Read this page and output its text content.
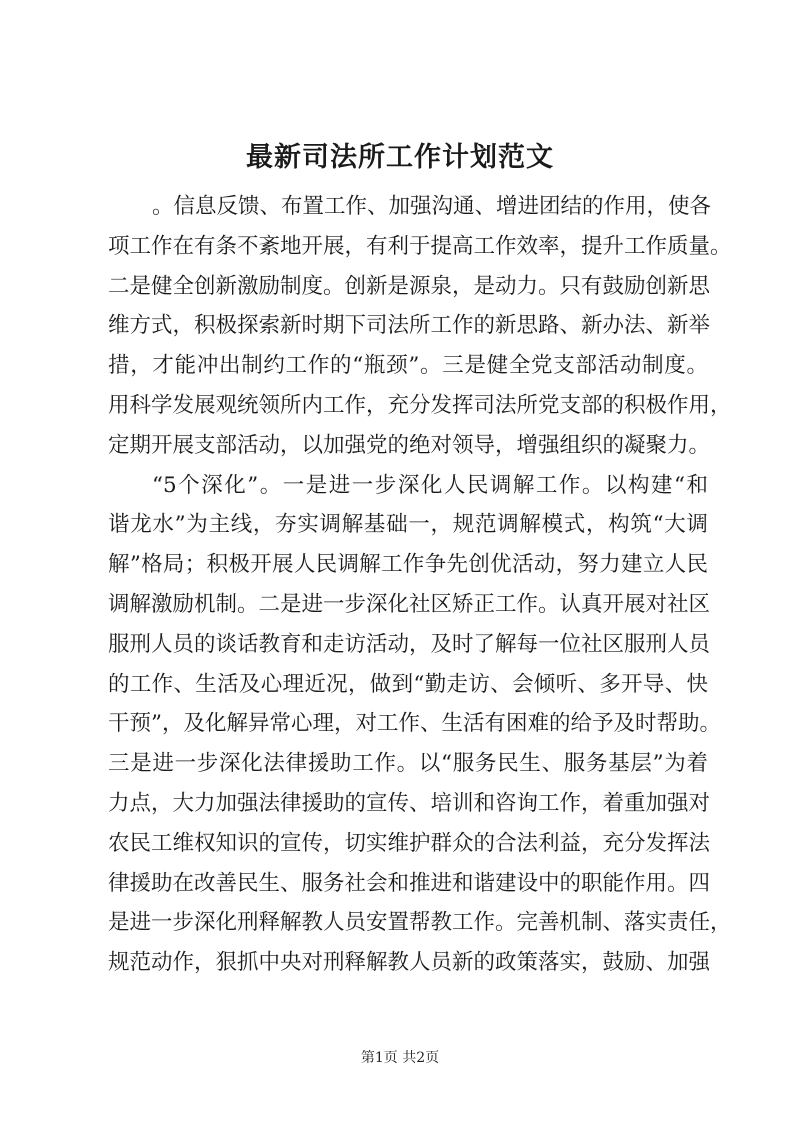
最新司法所工作计划范文
。信息反馈、布置工作、加强沟通、增进团结的作用，使各
项工作在有条不紊地开展，有利于提高工作效率，提升工作质量。
二是健全创新激励制度。创新是源泉，是动力。只有鼓励创新思
维方式，积极探索新时期下司法所工作的新思路、新办法、新举
措，才能冲出制约工作的“瓶颈”。三是健全党支部活动制度。
用科学发展观统领所内工作，充分发挥司法所党支部的积极作用，
定期开展支部活动，以加强党的绝对领导，增强组织的凝聚力。
“5个深化”。一是进一步深化人民调解工作。以构建“和
谐龙水”为主线，夯实调解基础一，规范调解模式，构筑“大调
解”格局；积极开展人民调解工作争先创优活动，努力建立人民
调解激励机制。二是进一步深化社区矫正工作。认真开展对社区
服刑人员的谈话教育和走访活动，及时了解每一位社区服刑人员
的工作、生活及心理近况，做到“勤走访、会倾听、多开导、快
干预”，及化解异常心理，对工作、生活有困难的给予及时帮助。
三是进一步深化法律援助工作。以“服务民生、服务基层”为着
力点，大力加强法律援助的宣传、培训和咨询工作，着重加强对
农民工维权知识的宣传，切实维护群众的合法利益，充分发挥法
律援助在改善民生、服务社会和推进和谐建设中的职能作用。四
是进一步深化刑释解教人员安置帮教工作。完善机制、落实责任，
规范动作，狠抓中央对刑释解教人员新的政策落实，鼓励、加强
第1页 共2页
